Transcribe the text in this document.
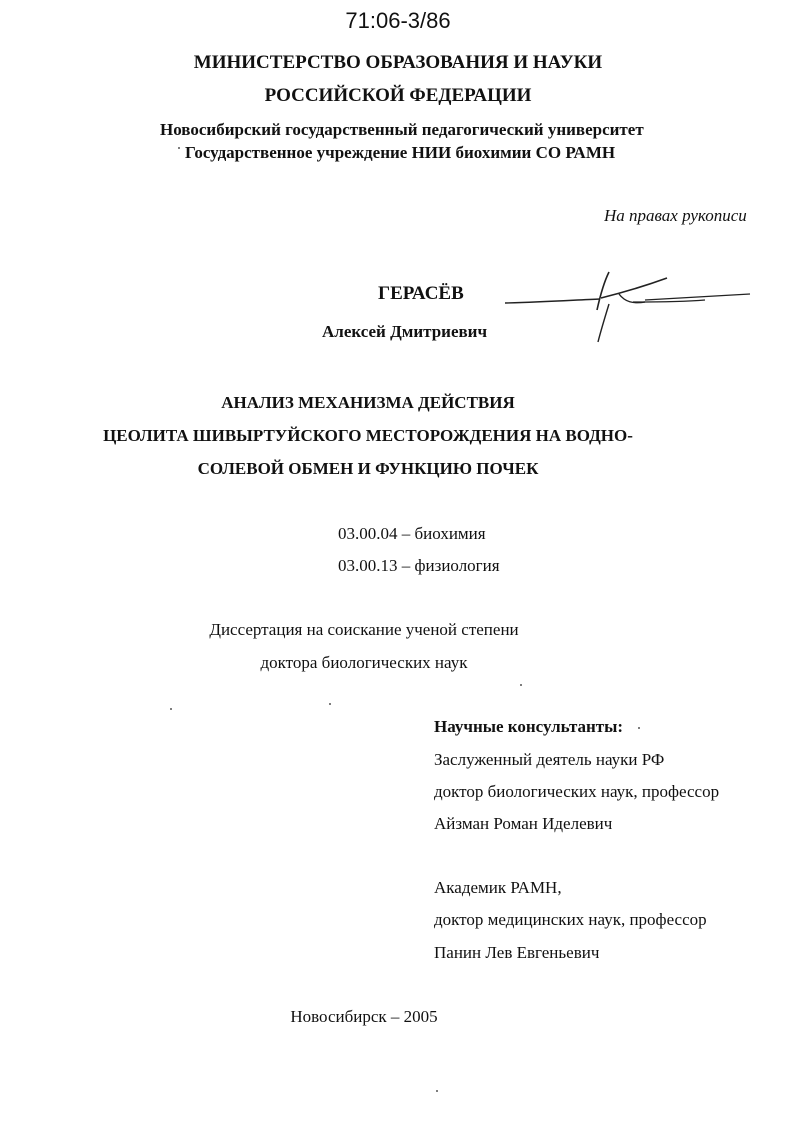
71:06-3/86
МИНИСТЕРСТВО ОБРАЗОВАНИЯ И НАУКИ
РОССИЙСКОЙ ФЕДЕРАЦИИ
Новосибирский государственный педагогический университет
Государственное учреждение НИИ биохимии СО РАМН
На правах рукописи
ГЕРАСЁВ
Алексей Дмитриевич
АНАЛИЗ МЕХАНИЗМА ДЕЙСТВИЯ
ЦЕОЛИТА ШИВЫРТУЙСКОГО МЕСТОРОЖДЕНИЯ НА ВОДНО-
СОЛЕВОЙ ОБМЕН И ФУНКЦИЮ ПОЧЕК
03.00.04 – биохимия
03.00.13 – физиология
Диссертация на соискание ученой степени
доктора биологических наук
Научные консультанты:
Заслуженный деятель науки РФ
доктор биологических наук, профессор
Айзман Роман Иделевич
Академик РАМН,
доктор медицинских наук, профессор
Панин Лев Евгеньевич
Новосибирск – 2005
